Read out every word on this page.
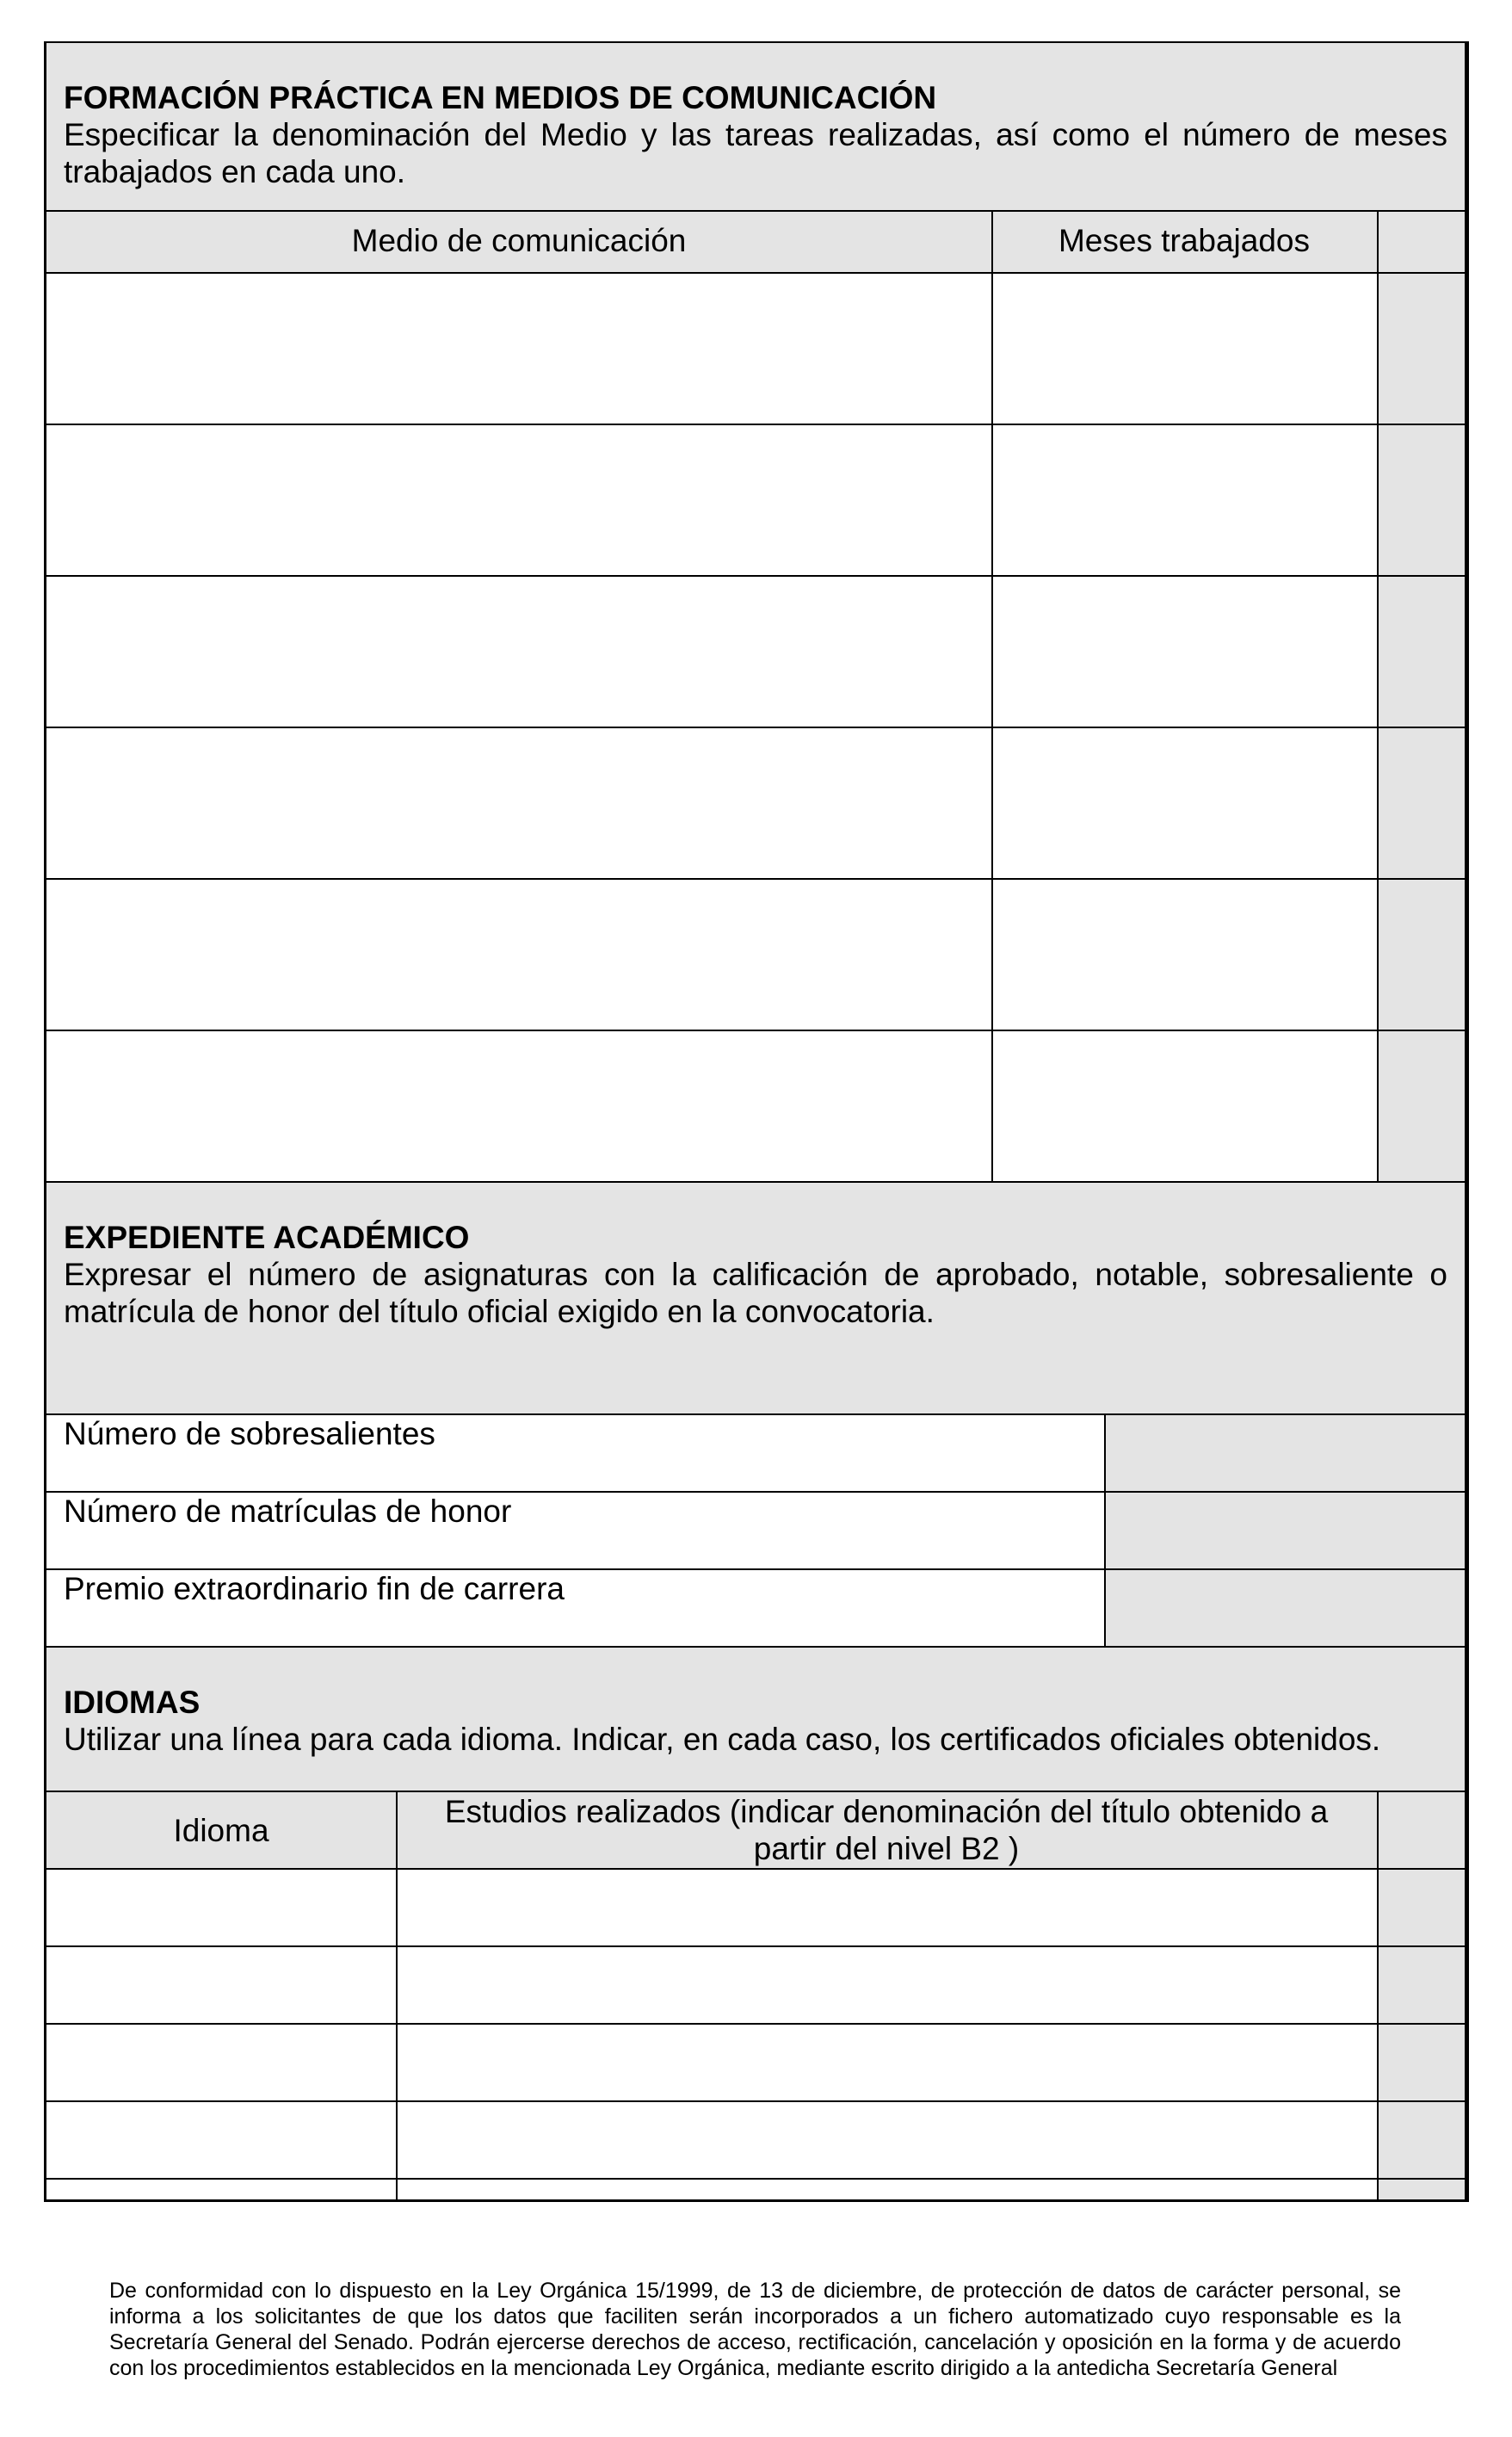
FORMACIÓN PRÁCTICA EN MEDIOS DE COMUNICACIÓN
Especificar la denominación del Medio y las tareas realizadas, así como el número de meses trabajados en cada uno.
Medio de comunicación	Meses trabajados
EXPEDIENTE ACADÉMICO
Expresar el número de asignaturas con la calificación de aprobado, notable, sobresaliente o matrícula de honor del título oficial exigido en la convocatoria.
Número de sobresalientes
Número de matrículas de honor
Premio extraordinario fin de carrera
IDIOMAS
Utilizar una línea para cada idioma. Indicar, en cada caso, los certificados oficiales obtenidos.
Idioma
Estudios realizados (indicar denominación del título obtenido a partir del nivel B2 )
De conformidad con lo dispuesto en la Ley Orgánica 15/1999, de 13 de diciembre, de protección de datos de carácter personal, se informa a los solicitantes de que los datos que faciliten serán incorporados a un fichero automatizado cuyo responsable es la Secretaría General del Senado. Podrán ejercerse derechos de acceso, rectificación, cancelación y oposición en la forma y de acuerdo con los procedimientos establecidos en la mencionada Ley Orgánica, mediante escrito dirigido a la antedicha Secretaría General
